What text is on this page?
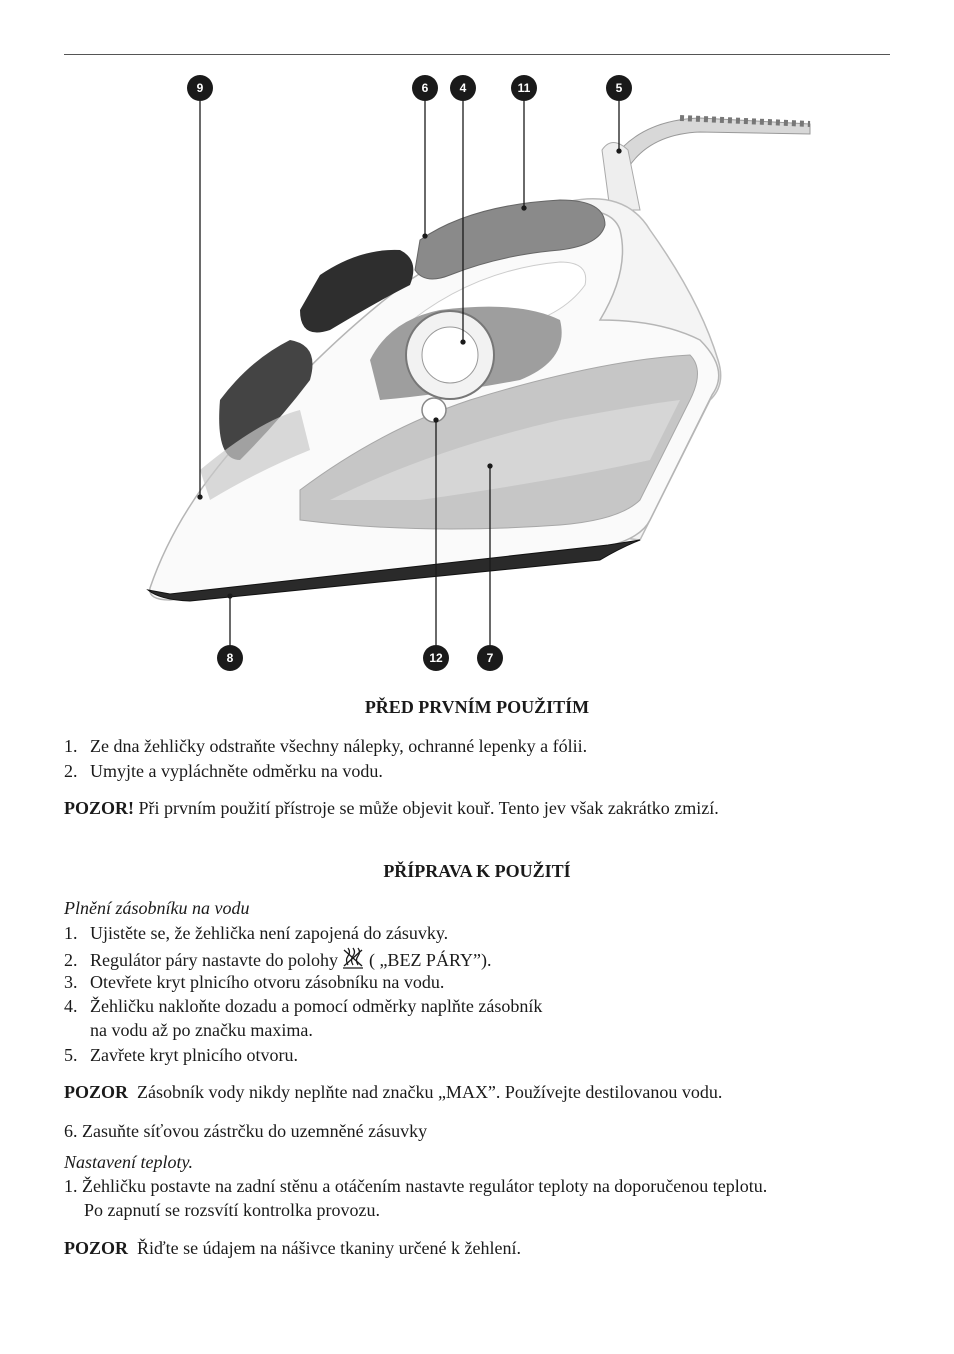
9	6	4	11	5
8	12	7
PŘED PRVNÍM POUŽITÍM
1. Ze dna žehličky odstraňte všechny nálepky, ochranné lepenky a fólii.
2. Umyjte a vypláchněte odměrku na vodu.
POZOR! Při prvním použití přístroje se může objevit kouř. Tento jev však zakrátko zmizí.
PŘÍPRAVA K POUŽITÍ
Plnění zásobníku na vodu
1. Ujistěte se, že žehlička není zapojená do zásuvky.
2. Regulátor páry nastavte do polohy  ( „BEZ PÁRY”).
3. Otevřete kryt plnicího otvoru zásobníku na vodu.
4. Žehličku nakloňte dozadu a pomocí odměrky naplňte zásobník
na vodu až po značku maxima.
5. Zavřete kryt plnicího otvoru.
POZOR  Zásobník vody nikdy neplňte nad značku „MAX”. Používejte destilovanou vodu.
6. Zasuňte síťovou zástrčku do uzemněné zásuvky
Nastavení teploty.
1. Žehličku postavte na zadní stěnu a otáčením nastavte regulátor teploty na doporučenou teplotu.
Po zapnutí se rozsvítí kontrolka provozu.
POZOR  Řiďte se údajem na nášivce tkaniny určené k žehlení.
